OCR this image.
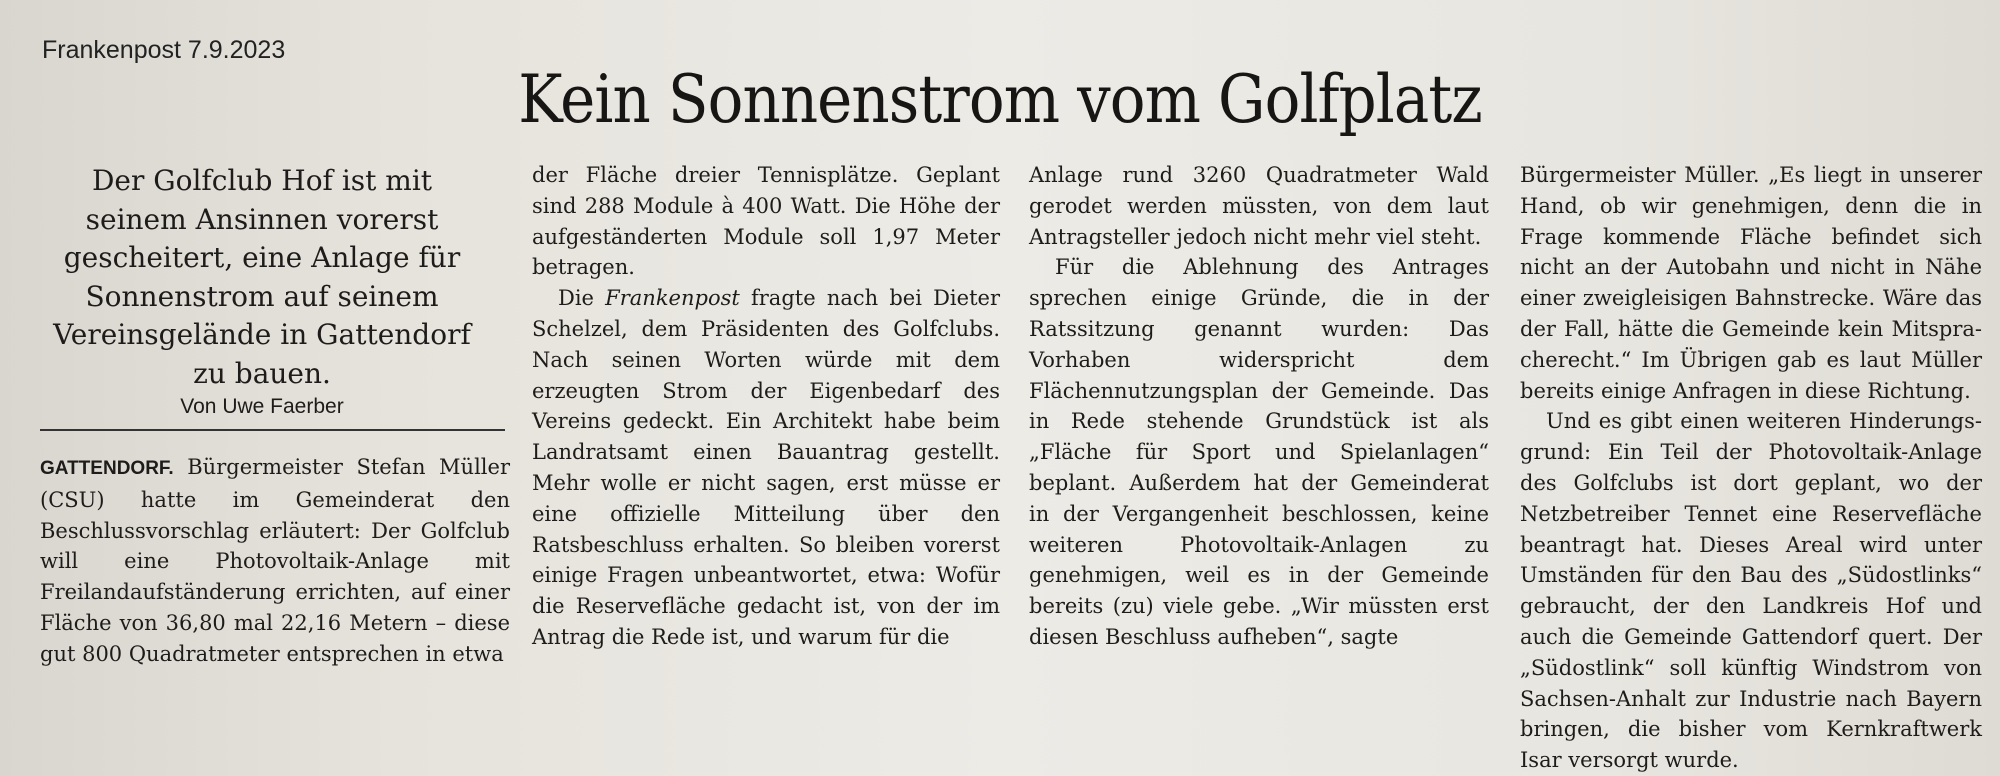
Frankenpost 7.9.2023
Kein Sonnenstrom vom Golfplatz

Der Golfclub Hof ist mit seinem Ansinnen vorerst gescheitert, eine Anlage für Sonnenstrom auf seinem Vereinsgelände in Gattendorf zu bauen.

Von Uwe Faerber

GATTENDORF. Bürgermeister Stefan Müller (CSU) hatte im Gemeinderat den Beschlussvorschlag erläutert: Der Golfclub will eine Photovoltaik-Anlage mit Freilandaufständerung errichten, auf einer Fläche von 36,80 mal 22,16 Metern – diese gut 800 Quadratmeter entsprechen in etwa

der Fläche dreier Tennisplätze. Geplant sind 288 Module à 400 Watt. Die Höhe der aufgeständerten Module soll 1,97 Meter betragen.

Die Frankenpost fragte nach bei Dieter Schelzel, dem Präsidenten des Golfclubs. Nach seinen Worten würde mit dem erzeugten Strom der Eigenbedarf des Vereins gedeckt. Ein Architekt habe beim Landratsamt einen Bauantrag gestellt. Mehr wolle er nicht sagen, erst müsse er eine offizielle Mitteilung über den Ratsbeschluss erhalten. So bleiben vorerst einige Fragen unbeantwortet, etwa: Wofür die Reservefläche gedacht ist, von der im Antrag die Rede ist, und warum für die

Anlage rund 3260 Quadratmeter Wald gerodet werden müssten, von dem laut Antragsteller jedoch nicht mehr viel steht.

Für die Ablehnung des Antrages sprechen einige Gründe, die in der Ratssitzung genannt wurden: Das Vorhaben widerspricht dem Flächennutzungsplan der Gemeinde. Das in Rede stehende Grundstück ist als „Fläche für Sport und Spielanlagen“ beplant. Außerdem hat der Gemeinderat in der Vergangenheit beschlossen, keine weiteren Photovoltaik-Anlagen zu genehmigen, weil es in der Gemeinde bereits (zu) viele gebe. „Wir müssten erst diesen Beschluss aufheben“, sagte

Bürgermeister Müller. „Es liegt in unserer Hand, ob wir genehmigen, denn die in Frage kommende Fläche befindet sich nicht an der Autobahn und nicht in Nähe einer zweigleisigen Bahnstrecke. Wäre das der Fall, hätte die Gemeinde kein Mitspracherecht.“ Im Übrigen gab es laut Müller bereits einige Anfragen in diese Richtung.

Und es gibt einen weiteren Hinderungsgrund: Ein Teil der Photovoltaik-Anlage des Golfclubs ist dort geplant, wo der Netzbetreiber Tennet eine Reservefläche beantragt hat. Dieses Areal wird unter Umständen für den Bau des „Südostlinks“ gebraucht, der den Landkreis Hof und auch die Gemeinde Gattendorf quert. Der „Südostlink“ soll künftig Windstrom von Sachsen-Anhalt zur Industrie nach Bayern bringen, die bisher vom Kernkraftwerk Isar versorgt wurde.
